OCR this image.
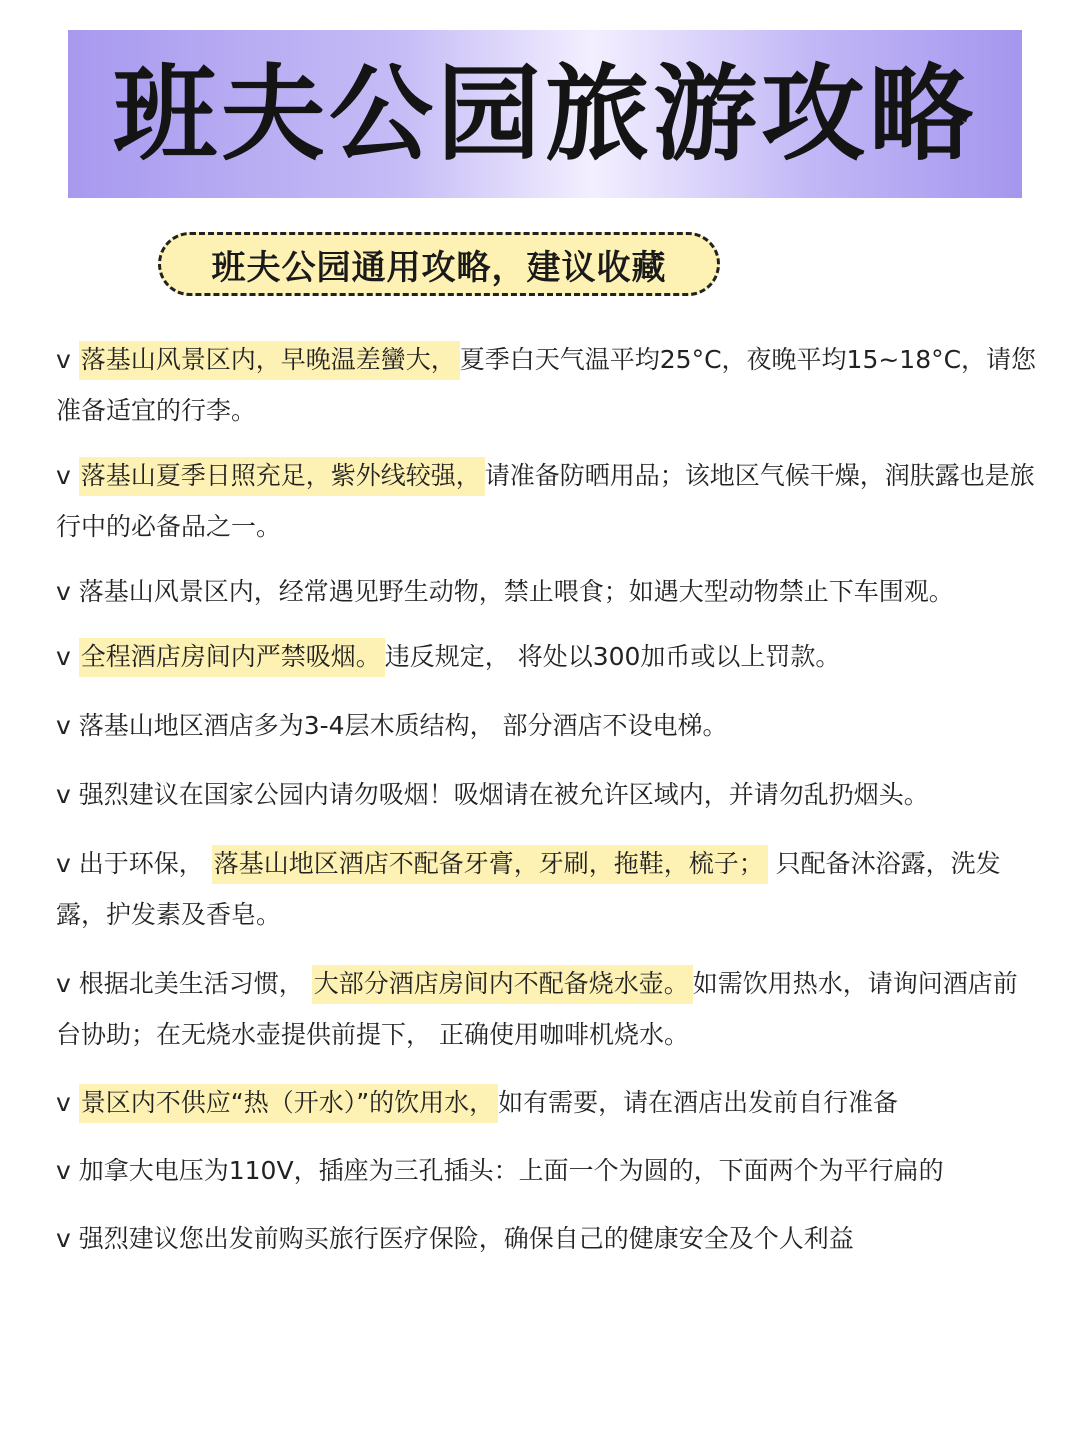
班夫公园旅游攻略
班夫公园通用攻略，建议收藏
v 落基山风景区内，早晚温差蠻大， 夏季白天气温平均25°C，夜晚平均15~18°C，请您准备适宜的行李。
v 落基山夏季日照充足，紫外线较强， 请准备防晒用品；该地区气候干燥，润肤露也是旅行中的必备品之一。
v 落基山风景区内，经常遇见野生动物，禁止喂食；如遇大型动物禁止下车围观。
v 全程酒店房间内严禁吸烟。 违反规定， 将处以300加币或以上罚款。
v 落基山地区酒店多为3-4层木质结构， 部分酒店不设电梯。
v 强烈建议在国家公园内请勿吸烟！吸烟请在被允许区域内，并请勿乱扔烟头。
v 出于环保， 落基山地区酒店不配备牙膏，牙刷，拖鞋，梳子； 只配备沐浴露，洗发露，护发素及香皂。
v 根据北美生活习惯， 大部分酒店房间内不配备烧水壶。 如需饮用热水，请询问酒店前台协助；在无烧水壶提供前提下， 正确使用咖啡机烧水。
v 景区内不供应“热（开水）”的饮用水， 如有需要，请在酒店出发前自行准备
v 加拿大电压为110V，插座为三孔插头：上面一个为圆的，下面两个为平行扁的
v 强烈建议您出发前购买旅行医疗保险，确保自己的健康安全及个人利益
